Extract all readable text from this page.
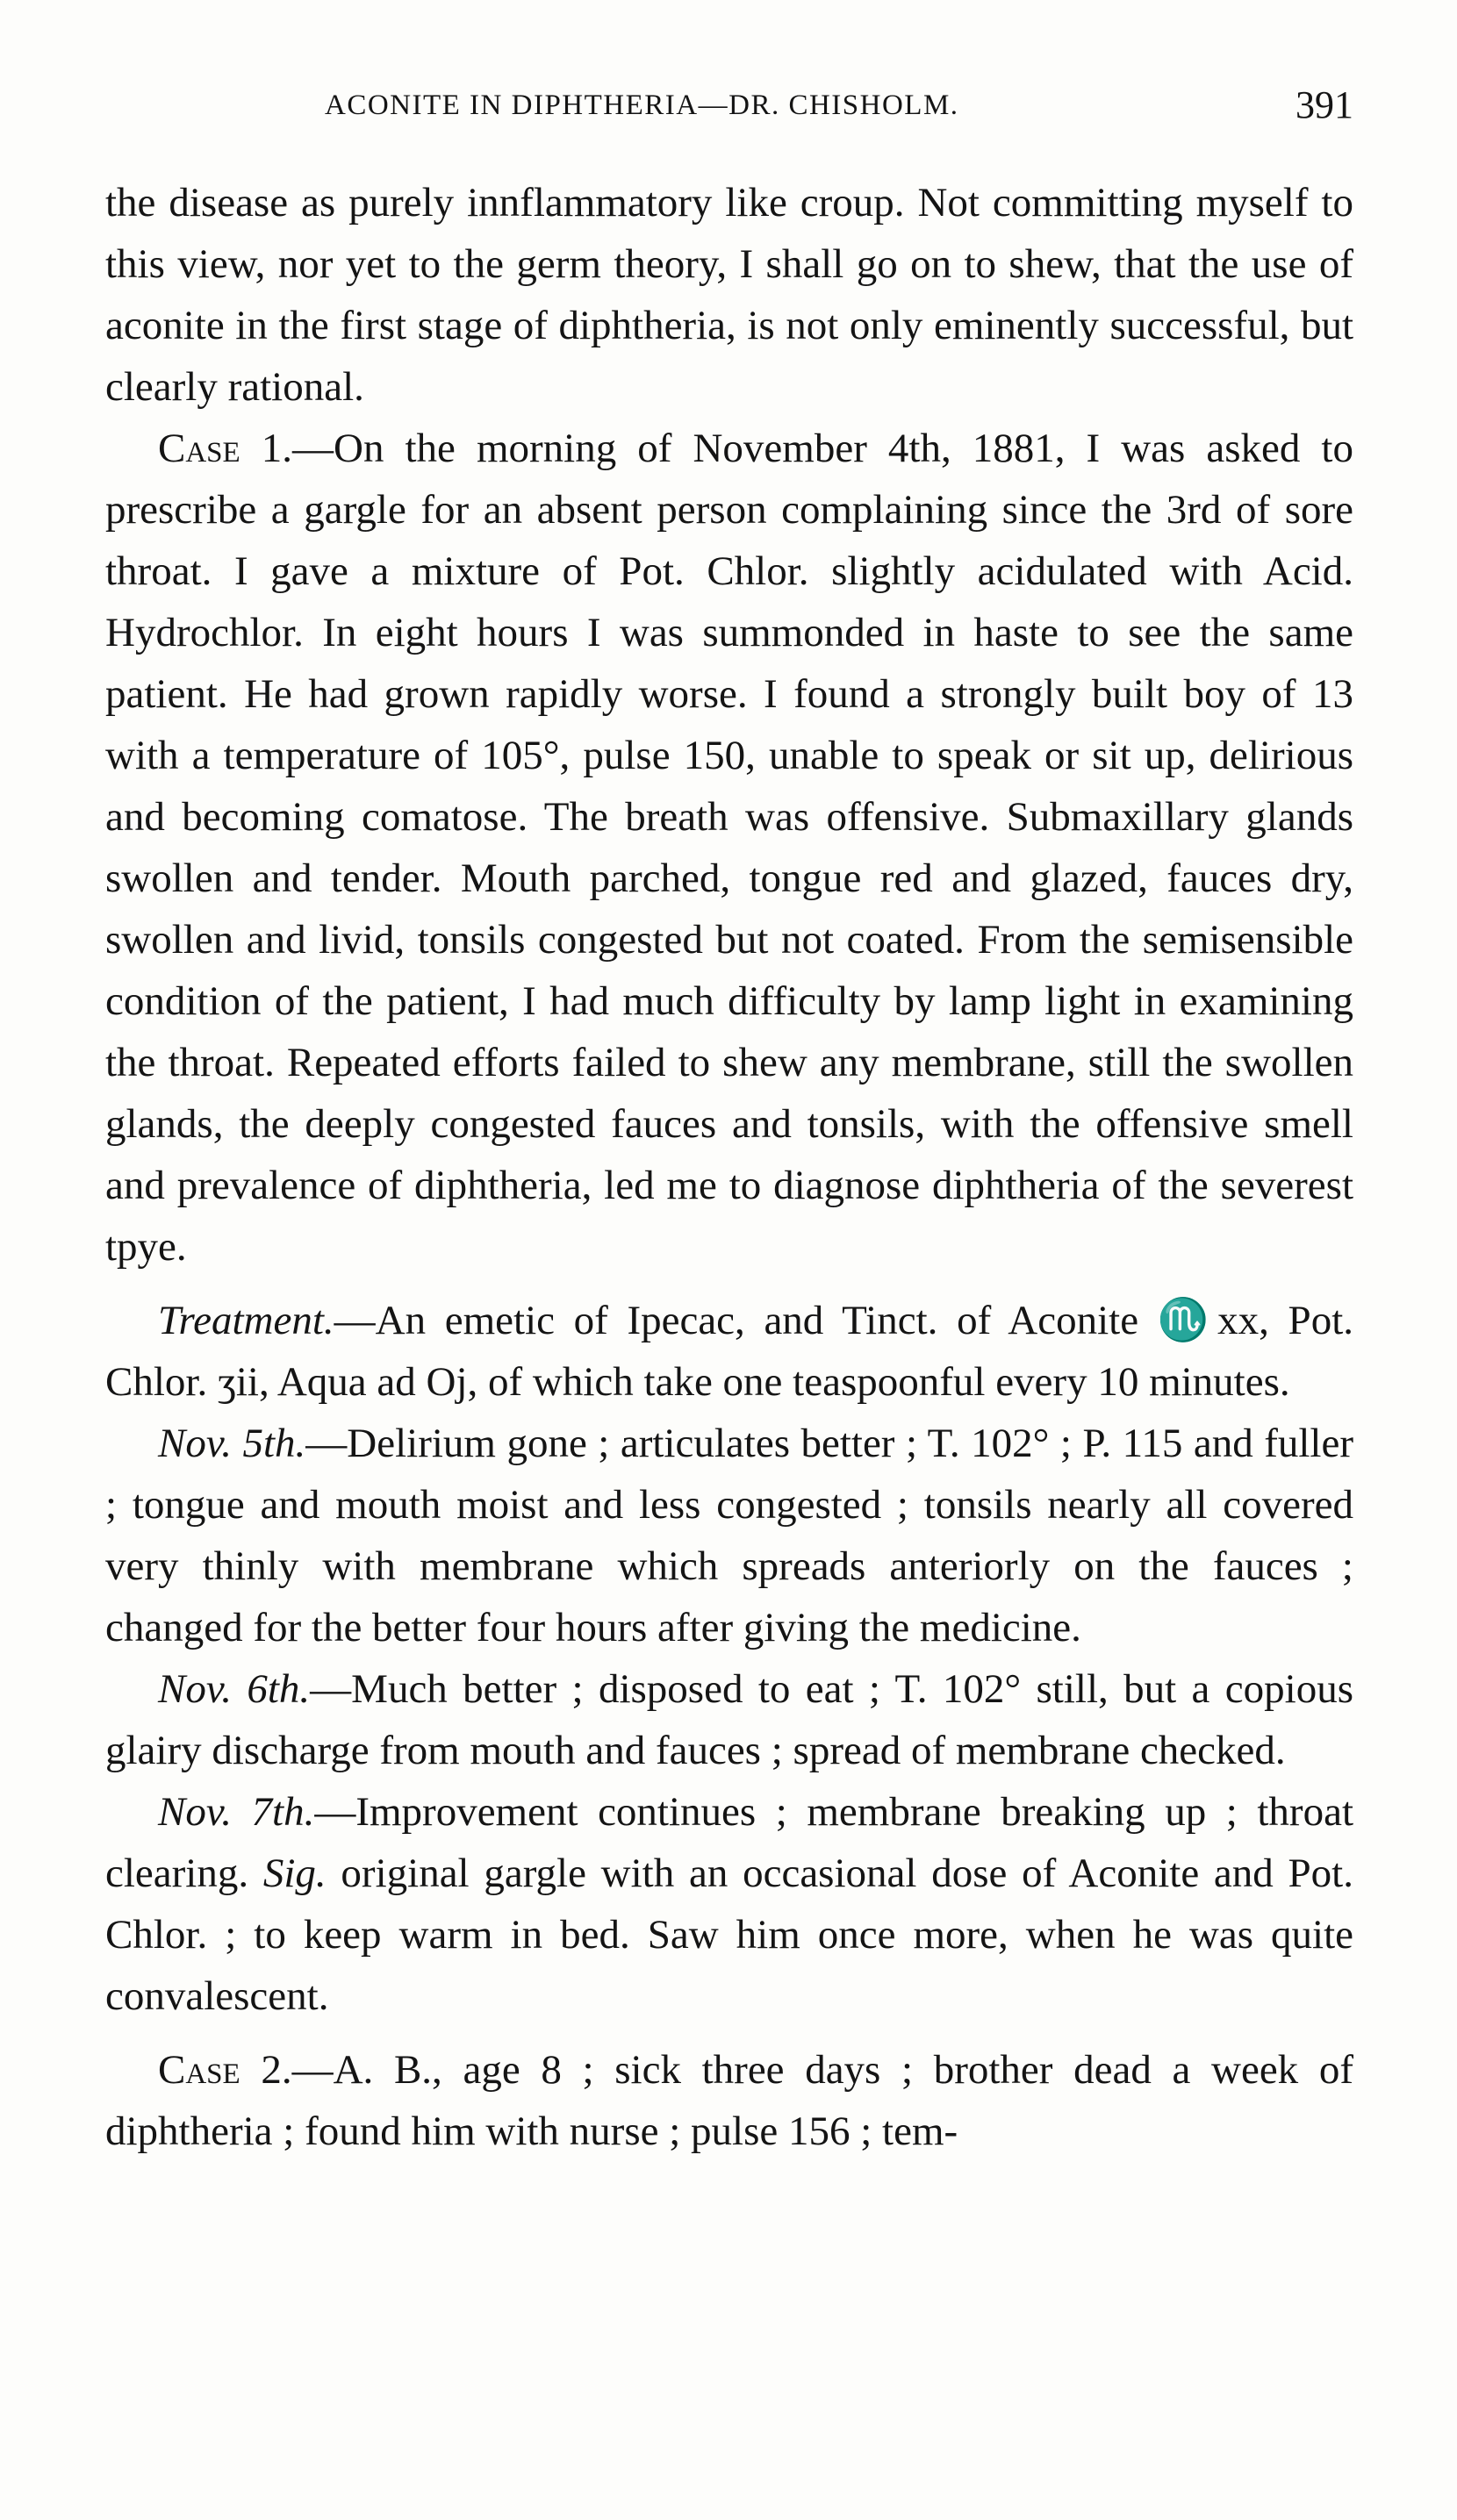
ACONITE IN DIPHTHERIA—DR. CHISHOLM.	391

the disease as purely innflammatory like croup. Not committing myself to this view, nor yet to the germ theory, I shall go on to shew, that the use of aconite in the first stage of diphtheria, is not only eminently successful, but clearly rational.

Case 1.—On the morning of November 4th, 1881, I was asked to prescribe a gargle for an absent person complaining since the 3rd of sore throat. I gave a mixture of Pot. Chlor. slightly acidulated with Acid. Hydrochlor. In eight hours I was summonded in haste to see the same patient. He had grown rapidly worse. I found a strongly built boy of 13 with a temperature of 105°, pulse 150, unable to speak or sit up, delirious and becoming comatose. The breath was offensive. Submaxillary glands swollen and tender. Mouth parched, tongue red and glazed, fauces dry, swollen and livid, tonsils congested but not coated. From the semisensible condition of the patient, I had much difficulty by lamp light in examining the throat. Repeated efforts failed to shew any membrane, still the swollen glands, the deeply congested fauces and tonsils, with the offensive smell and prevalence of diphtheria, led me to diagnose diphtheria of the severest tpye.

Treatment.—An emetic of Ipecac, and Tinct. of Aconite ♏xx, Pot. Chlor. ʒii, Aqua ad Oj, of which take one teaspoonful every 10 minutes.

Nov. 5th.—Delirium gone ; articulates better ; T. 102° ; P. 115 and fuller ; tongue and mouth moist and less congested ; tonsils nearly all covered very thinly with membrane which spreads anteriorly on the fauces ; changed for the better four hours after giving the medicine.

Nov. 6th.—Much better ; disposed to eat ; T. 102° still, but a copious glairy discharge from mouth and fauces ; spread of membrane checked.

Nov. 7th.—Improvement continues ; membrane breaking up ; throat clearing. Sig. original gargle with an occasional dose of Aconite and Pot. Chlor. ; to keep warm in bed. Saw him once more, when he was quite convalescent.

Case 2.—A. B., age 8 ; sick three days ; brother dead a week of diphtheria ; found him with nurse ; pulse 156 ; tem-
